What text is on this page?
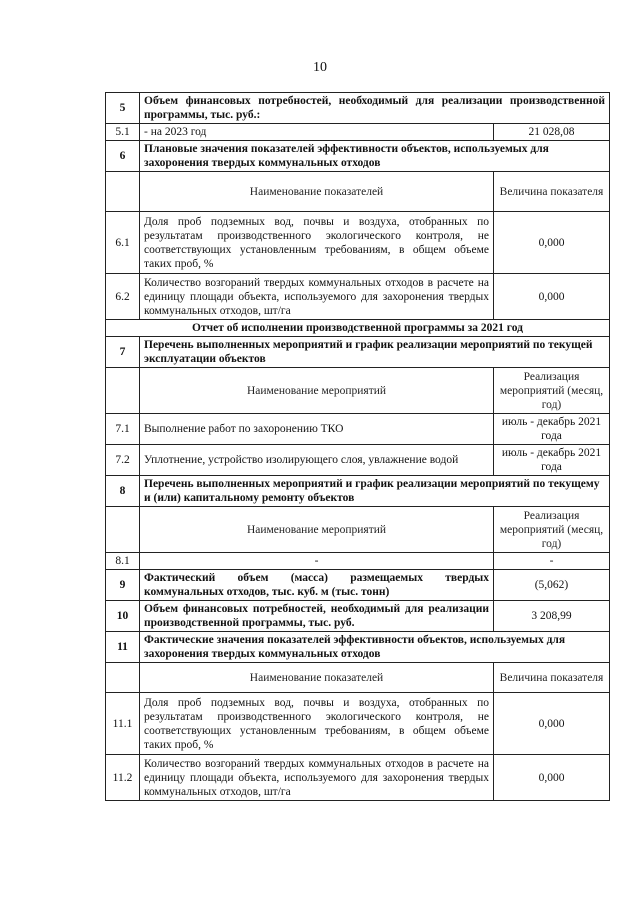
10
5	Объем финансовых потребностей, необходимый для реализации производственной программы, тыс. руб.:	
5.1	- на 2023 год	21 028,08
6	Плановые значения показателей эффективности объектов, используемых для захоронения твердых коммунальных отходов	
	Наименование показателей	Величина показателя
6.1	Доля проб подземных вод, почвы и воздуха, отобранных по результатам производственного экологического контроля, не соответствующих установленным требованиям, в общем объеме таких проб, %	0,000
6.2	Количество возгораний твердых коммунальных отходов в расчете на единицу площади объекта, используемого для захоронения твердых коммунальных отходов, шт/га	0,000
Отчет об исполнении производственной программы за 2021 год		
7	Перечень выполненных мероприятий и график реализации мероприятий по текущей эксплуатации объектов	
	Наименование мероприятий	Реализация мероприятий (месяц, год)
7.1	Выполнение работ по захоронению ТКО	июль - декабрь 2021 года
7.2	Уплотнение, устройство изолирующего слоя, увлажнение водой	июль - декабрь 2021 года
8	Перечень выполненных мероприятий и график реализации мероприятий по текущему и (или) капитальному ремонту объектов	
	Наименование мероприятий	Реализация мероприятий (месяц, год)
8.1	-	-
9	Фактический объем (масса) размещаемых твердых коммунальных отходов, тыс. куб. м (тыс. тонн)	(5,062)
10	Объем финансовых потребностей, необходимый для реализации производственной программы, тыс. руб.	3 208,99
11	Фактические значения показателей эффективности объектов, используемых для захоронения твердых коммунальных отходов	
	Наименование показателей	Величина показателя
11.1	Доля проб подземных вод, почвы и воздуха, отобранных по результатам производственного экологического контроля, не соответствующих установленным требованиям, в общем объеме таких проб, %	0,000
11.2	Количество возгораний твердых коммунальных отходов в расчете на единицу площади объекта, используемого для захоронения твердых коммунальных отходов, шт/га	0,000
